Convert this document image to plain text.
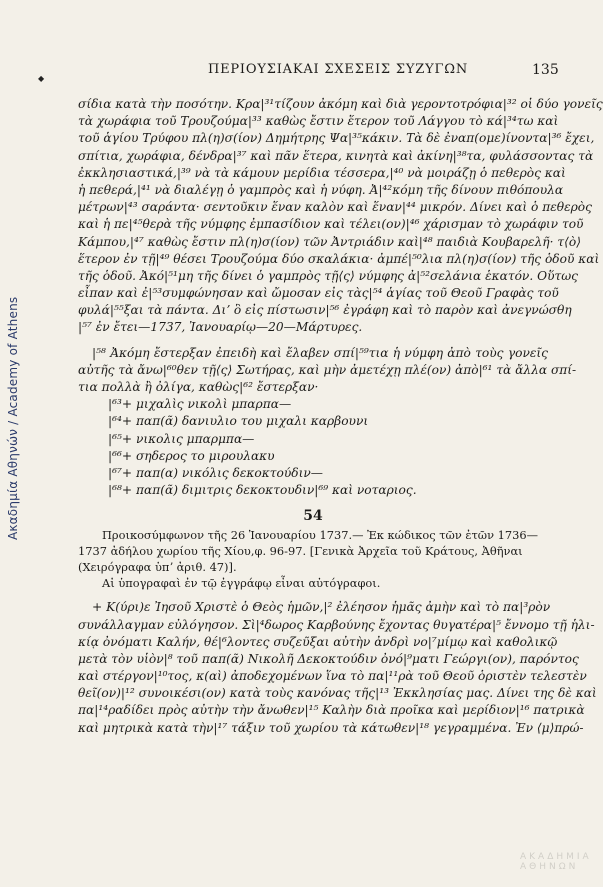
Ακαδημία Αθηνών / Academy of Athens
◆
ΠΕΡΙΟΥΣΙΑΚΑΙ ΣΧΕΣΕΙΣ ΣΥΖΥΓΩΝ	135
σίδια κατὰ τὴν ποσότην. Κρα|³¹τίζουν ἀκόμη καὶ διὰ γεροντοτρόφια|³² οἱ δύο γονεῖς
τὰ χωράφια τοῦ Τρουζούμα|³³ καθὼς ἔστιν ἕτερον τοῦ Λάγγου τὸ κά|³⁴τω καὶ
τοῦ ἁγίου Τρύφου πλ(η)σ(ίον) Δημήτρης Ψα|³⁵κάκιν. Τὰ δὲ ἐναπ(ομε)ίνοντα|³⁶ ἔχει,
σπίτια, χωράφια, δένδρα|³⁷ καὶ πᾶν ἕτερα, κινητὰ καὶ ἀκίνη|³⁸τα, φυλάσσοντας τὰ
ἐκκλησιαστικά,|³⁹ νὰ τὰ κάμουν μερίδια τέσσερα,|⁴⁰ νὰ μοιράζῃ ὁ πεθερὸς καὶ
ἡ πεθερά,|⁴¹ νὰ διαλέγῃ ὁ γαμπρὸς καὶ ἡ νύφη. Ἀ|⁴²κόμη τῆς δίνουν πιθόπουλα
μέτρων|⁴³ σαράντα· σεντοῦκιν ἕναν καλὸν καὶ ἕναν|⁴⁴ μικρόν. Δίνει καὶ ὁ πεθερὸς
καὶ ἡ πε|⁴⁵θερὰ τῆς νύμφης ἐμπασίδιον καὶ τέλει(ον)|⁴⁶ χάρισμαν τὸ χωράφιν τοῦ
Κάμπου,|⁴⁷ καθὼς ἔστιν πλ(η)σ(ίον) τῶν Ἀντριάδιν καὶ|⁴⁸ παιδιὰ Κουβαρελῆ· τ⟨ὸ⟩
ἕτερον ἐν τῇ|⁴⁹ θέσει Τρουζούμα δύο σκαλάκια· ἀμπέ|⁵⁰λια πλ(η)σ(ίον) τῆς ὁδοῦ καὶ
τῆς ὁδοῦ. Ἀκό|⁵¹μη τῆς δίνει ὁ γαμπρὸς τῇ⟨ς⟩ νύμφης ἀ|⁵²σελάνια ἑκατόν. Οὕτως
εἶπαν καὶ ἐ|⁵³συμφώνησαν καὶ ὤμοσαν εἰς τὰς|⁵⁴ ἁγίας τοῦ Θεοῦ Γραφὰς τοῦ
φυλά|⁵⁵ξαι τὰ πάντα. Διʼ ὃ εἰς πίστωσιν|⁵⁶ ἐγράφη καὶ τὸ παρὸν καὶ ἀνεγνώσθη
|⁵⁷ ἐν ἔτει—1737, Ἰανουαρίῳ—20—Μάρτυρες.
|⁵⁸ Ἀκόμη ἔστερξαν ἐπειδὴ καὶ ἔλαβεν σπί|⁵⁹τια ἡ νύμφη ἀπὸ τοὺς γονεῖς
αὐτῆς τὰ ἄνω|⁶⁰θεν τῇ⟨ς⟩ Σωτήρας, καὶ μὴν ἀμετέχῃ πλέ(ον) ἀπὸ|⁶¹ τὰ ἄλλα σπί-
τια πολλὰ ἢ ὀλίγα, καθὼς|⁶² ἔστερξαν·
|⁶³+ μιχαλὶς νικολὶ μπαρπα—
|⁶⁴+ παπ(ᾶ) δανιυλιο του μιχαλι καρβουνι
|⁶⁵+ νικολις μπαρμπα—
|⁶⁶+ σηδερος το μιρουλακυ
|⁶⁷+ παπ(α) νικόλις δεκοκτούδιν—
|⁶⁸+ παπ(ᾶ) διμιτρις δεκοκτουδιν|⁶⁹ καὶ νοταριος.
54
Προικοσύμφωνον τῆς 26 Ἰανουαρίου 1737.— Ἐκ κώδικος τῶν ἐτῶν 1736—
1737 ἀδήλου χωρίου τῆς Χίου,φ. 96-97. [Γενικὰ Ἀρχεῖα τοῦ Κράτους, Ἀθῆναι
(Χειρόγραφα ὑπʼ ἀριθ. 47)].
Αἱ ὑπογραφαὶ ἐν τῷ ἐγγράφῳ εἶναι αὐτόγραφοι.
+ Κ(ύρι)ε Ἰησοῦ Χριστὲ ὁ Θεὸς ἡμῶν,|² ἐλέησον ἡμᾶς ἀμὴν καὶ τὸ πα|³ρὸν
συνάλλαγμαν εὐλόγησον. Σὶ|⁴δωρος Καρβούνης ἔχοντας θυγατέρα|⁵ ἔννομο τῇ ἡλι-
κίᾳ ὀνόματι Καλήν, θέ|⁶λοντες συζεῦξαι αὐτὴν ἀνδρὶ νο|⁷μίμῳ καὶ καθολικῷ
μετὰ τὸν υἱὸν|⁸ τοῦ παπ(ᾶ) Νικολῆ Δεκοκτούδιν ὀνό|⁹ματι Γεώργι(ον), παρόντος
καὶ στέργον|¹⁰τος, κ(αὶ) ἀποδεχομένων ἵνα τὸ πα|¹¹ρὰ τοῦ Θεοῦ ὁριστὲν τελεστὲν
θεῖ(ον)|¹² συνοικέσι(ον) κατὰ τοὺς κανόνας τῆς|¹³ Ἐκκλησίας μας. Δίνει της δὲ καὶ
πα|¹⁴ραδίδει πρὸς αὐτὴν τὴν ἄνωθεν|¹⁵ Καλὴν διὰ προῖκα καὶ μερίδιον|¹⁶ πατρικὰ
καὶ μητρικὰ κατὰ τὴν|¹⁷ τάξιν τοῦ χωρίου τὰ κάτωθεν|¹⁸ γεγραμμένα. Ἐν ⟨μ⟩πρώ-
ΑΚΑΔΗΜΙΑ ΑΘΗΝΩΝ
